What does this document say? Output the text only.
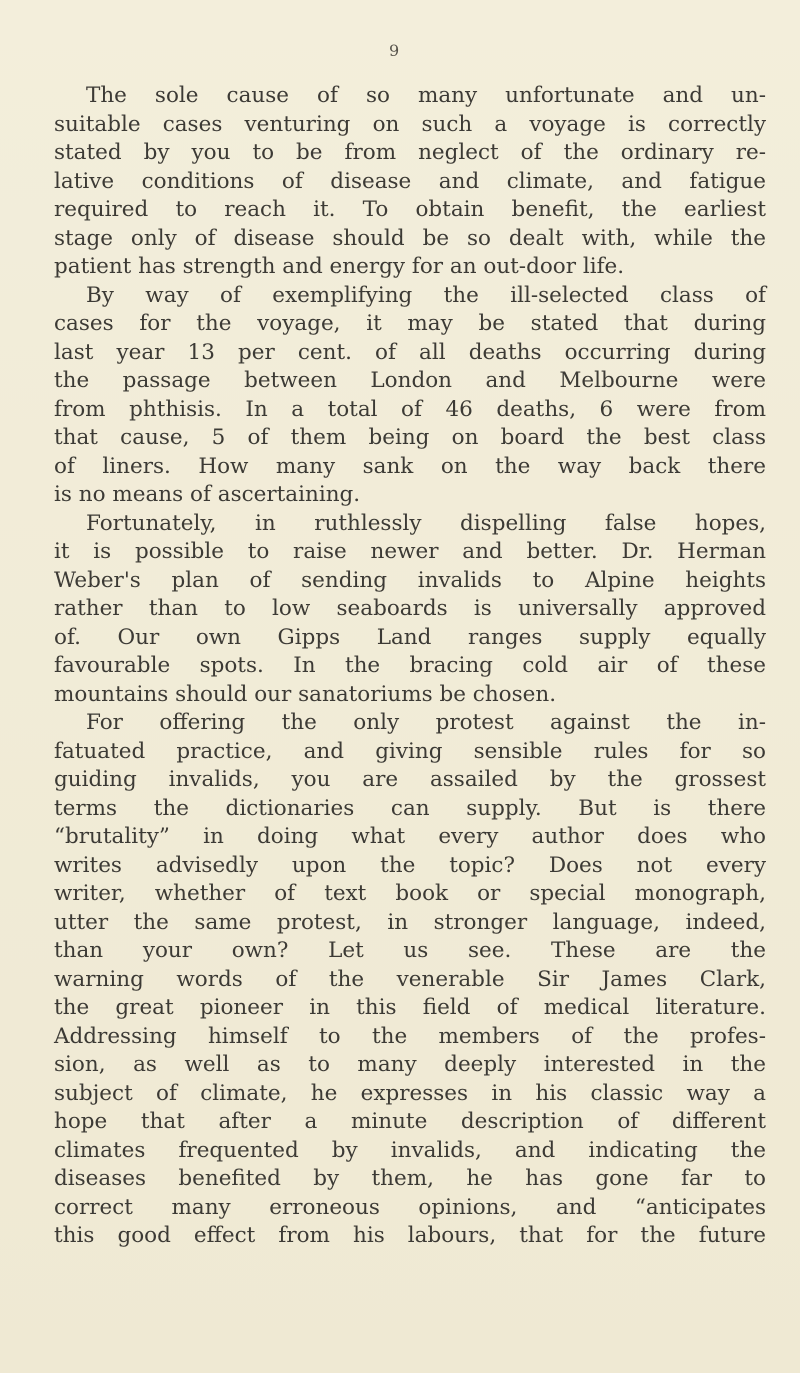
9
The sole cause of so many unfortunate and un-
suitable cases venturing on such a voyage is correctly
stated by you to be from neglect of the ordinary re-
lative conditions of disease and climate, and fatigue
required to reach it. To obtain benefit, the earliest
stage only of disease should be so dealt with, while the
patient has strength and energy for an out-door life.
By way of exemplifying the ill-selected class of
cases for the voyage, it may be stated that during
last year 13 per cent. of all deaths occurring during
the passage between London and Melbourne were
from phthisis. In a total of 46 deaths, 6 were from
that cause, 5 of them being on board the best class
of liners. How many sank on the way back there
is no means of ascertaining.
Fortunately, in ruthlessly dispelling false hopes,
it is possible to raise newer and better. Dr. Herman
Weber's plan of sending invalids to Alpine heights
rather than to low seaboards is universally approved
of. Our own Gipps Land ranges supply equally
favourable spots. In the bracing cold air of these
mountains should our sanatoriums be chosen.
For offering the only protest against the in-
fatuated practice, and giving sensible rules for so
guiding invalids, you are assailed by the grossest
terms the dictionaries can supply. But is there
“brutality” in doing what every author does who
writes advisedly upon the topic? Does not every
writer, whether of text book or special monograph,
utter the same protest, in stronger language, indeed,
than your own? Let us see. These are the
warning words of the venerable Sir James Clark,
the great pioneer in this field of medical literature.
Addressing himself to the members of the profes-
sion, as well as to many deeply interested in the
subject of climate, he expresses in his classic way a
hope that after a minute description of different
climates frequented by invalids, and indicating the
diseases benefited by them, he has gone far to
correct many erroneous opinions, and “anticipates
this good effect from his labours, that for the future
